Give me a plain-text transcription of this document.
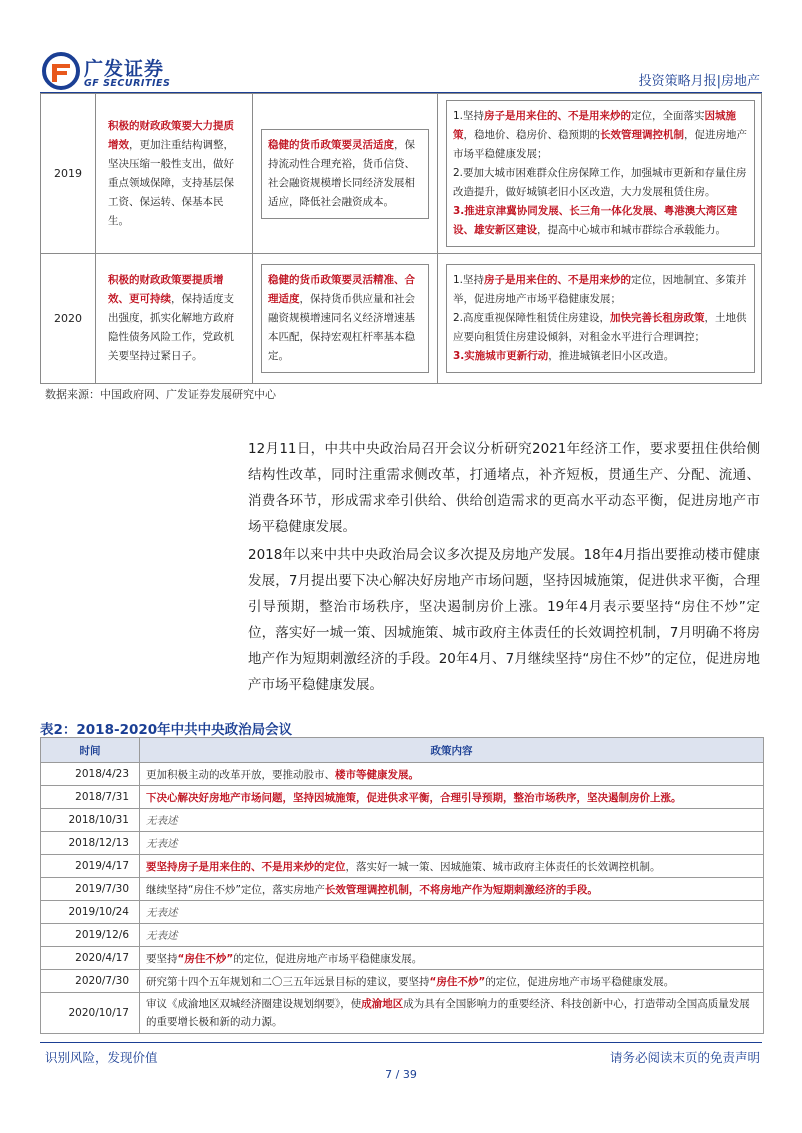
广发证券
GF SECURITIES	投资策略月报|房地产
2019	积极的财政政策要大力提质增效，更加注重结构调整，坚决压缩一般性支出，做好重点领域保障，支持基层保工资、保运转、保基本民生。	稳健的货币政策要灵活适度，保持流动性合理充裕，货币信贷、社会融资规模增长同经济发展相适应，降低社会融资成本。	1.坚持房子是用来住的、不是用来炒的定位，全面落实因城施策，稳地价、稳房价、稳预期的长效管理调控机制，促进房地产市场平稳健康发展；
2.要加大城市困难群众住房保障工作，加强城市更新和存量住房改造提升，做好城镇老旧小区改造，大力发展租赁住房。
3.推进京津冀协同发展、长三角一体化发展、粤港澳大湾区建设、雄安新区建设，提高中心城市和城市群综合承载能力。

2020	积极的财政政策要提质增效、更可持续，保持适度支出强度，抓实化解地方政府隐性债务风险工作，党政机关要坚持过紧日子。	稳健的货币政策要灵活精准、合理适度，保持货币供应量和社会融资规模增速同名义经济增速基本匹配，保持宏观杠杆率基本稳定。	1.坚持房子是用来住的、不是用来炒的定位，因地制宜、多策并举，促进房地产市场平稳健康发展；
2.高度重视保障性租赁住房建设，加快完善长租房政策，土地供应要向租赁住房建设倾斜，对租金水平进行合理调控；
3.实施城市更新行动，推进城镇老旧小区改造。
数据来源：中国政府网、广发证券发展研究中心

12月11日，中共中央政治局召开会议分析研究2021年经济工作，要求要扭住供给侧结构性改革，同时注重需求侧改革，打通堵点，补齐短板，贯通生产、分配、流通、消费各环节，形成需求牵引供给、供给创造需求的更高水平动态平衡，促进房地产市场平稳健康发展。

2018年以来中共中央政治局会议多次提及房地产发展。18年4月指出要推动楼市健康发展，7月提出要下决心解决好房地产市场问题，坚持因城施策，促进供求平衡，合理引导预期，整治市场秩序，坚决遏制房价上涨。19年4月表示要坚持“房住不炒”定位，落实好一城一策、因城施策、城市政府主体责任的长效调控机制，7月明确不将房地产作为短期刺激经济的手段。20年4月、7月继续坚持“房住不炒”的定位，促进房地产市场平稳健康发展。

表2：2018-2020年中共中央政治局会议
时间	政策内容
2018/4/23	更加积极主动的改革开放，要推动股市、楼市等健康发展。
2018/7/31	下决心解决好房地产市场问题，坚持因城施策，促进供求平衡，合理引导预期，整治市场秩序，坚决遏制房价上涨。
2018/10/31	无表述
2018/12/13	无表述
2019/4/17	要坚持房子是用来住的、不是用来炒的定位，落实好一城一策、因城施策、城市政府主体责任的长效调控机制。
2019/7/30	继续坚持“房住不炒”定位，落实房地产长效管理调控机制，不将房地产作为短期刺激经济的手段。
2019/10/24	无表述
2019/12/6	无表述
2020/4/17	要坚持“房住不炒”的定位，促进房地产市场平稳健康发展。
2020/7/30	研究第十四个五年规划和二〇三五年远景目标的建议，要坚持“房住不炒”的定位，促进房地产市场平稳健康发展。
2020/10/17	审议《成渝地区双城经济圈建设规划纲要》，使成渝地区成为具有全国影响力的重要经济、科技创新中心，打造带动全国高质量发展的重要增长极和新的动力源。
识别风险，发现价值	请务必阅读末页的免责声明
7 / 39
